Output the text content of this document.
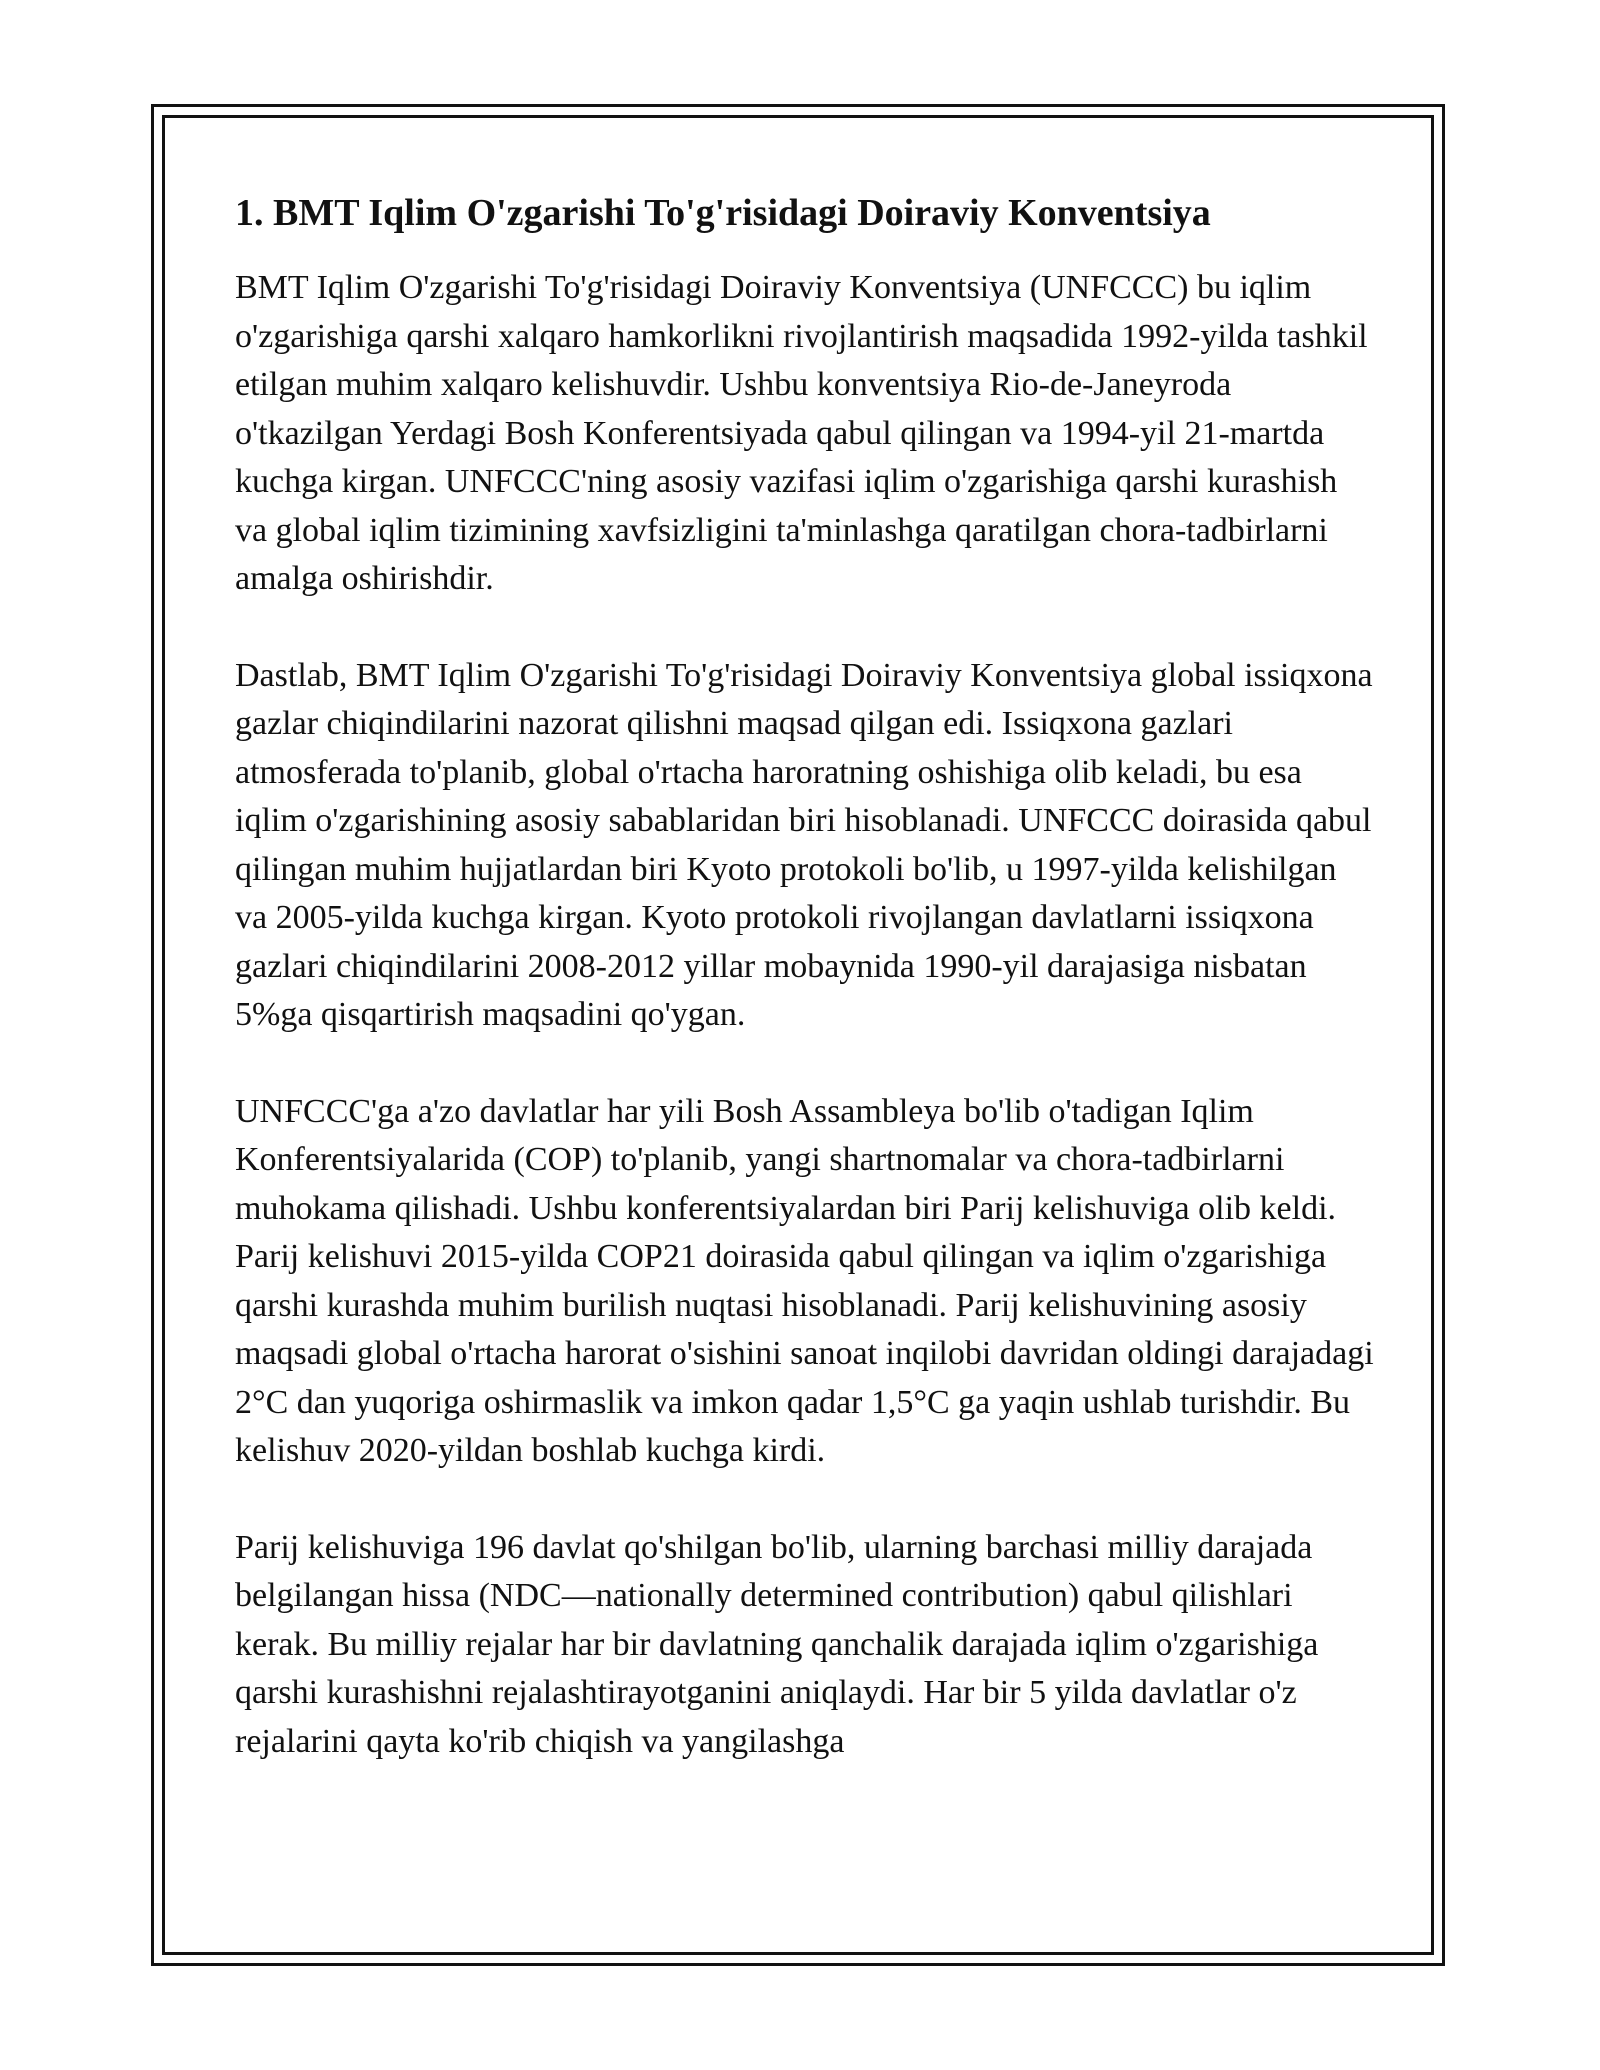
1. BMT Iqlim O'zgarishi To'g'risidagi Doiraviy Konventsiya

BMT Iqlim O'zgarishi To'g'risidagi Doiraviy Konventsiya (UNFCCC) bu iqlim o'zgarishiga qarshi xalqaro hamkorlikni rivojlantirish maqsadida 1992-yilda tashkil etilgan muhim xalqaro kelishuvdir. Ushbu konventsiya Rio-de-Janeyroda o'tkazilgan Yerdagi Bosh Konferentsiyada qabul qilingan va 1994-yil 21-martda kuchga kirgan. UNFCCC'ning asosiy vazifasi iqlim o'zgarishiga qarshi kurashish va global iqlim tizimining xavfsizligini ta'minlashga qaratilgan chora-tadbirlarni amalga oshirishdir.

Dastlab, BMT Iqlim O'zgarishi To'g'risidagi Doiraviy Konventsiya global issiqxona gazlar chiqindilarini nazorat qilishni maqsad qilgan edi. Issiqxona gazlari atmosferada to'planib, global o'rtacha haroratning oshishiga olib keladi, bu esa iqlim o'zgarishining asosiy sabablaridan biri hisoblanadi. UNFCCC doirasida qabul qilingan muhim hujjatlardan biri Kyoto protokoli bo'lib, u 1997-yilda kelishilgan va 2005-yilda kuchga kirgan. Kyoto protokoli rivojlangan davlatlarni issiqxona gazlari chiqindilarini 2008-2012 yillar mobaynida 1990-yil darajasiga nisbatan 5%ga qisqartirish maqsadini qo'ygan.

UNFCCC'ga a'zo davlatlar har yili Bosh Assambleya bo'lib o'tadigan Iqlim Konferentsiyalarida (COP) to'planib, yangi shartnomalar va chora-tadbirlarni muhokama qilishadi. Ushbu konferentsiyalardan biri Parij kelishuviga olib keldi. Parij kelishuvi 2015-yilda COP21 doirasida qabul qilingan va iqlim o'zgarishiga qarshi kurashda muhim burilish nuqtasi hisoblanadi. Parij kelishuvining asosiy maqsadi global o'rtacha harorat o'sishini sanoat inqilobi davridan oldingi darajadagi 2°C dan yuqoriga oshirmaslik va imkon qadar 1,5°C ga yaqin ushlab turishdir. Bu kelishuv 2020-yildan boshlab kuchga kirdi.

Parij kelishuviga 196 davlat qo'shilgan bo'lib, ularning barchasi milliy darajada belgilangan hissa (NDC—nationally determined contribution) qabul qilishlari kerak. Bu milliy rejalar har bir davlatning qanchalik darajada iqlim o'zgarishiga qarshi kurashishni rejalashtirayotganini aniqlaydi. Har bir 5 yilda davlatlar o'z rejalarini qayta ko'rib chiqish va yangilashga
